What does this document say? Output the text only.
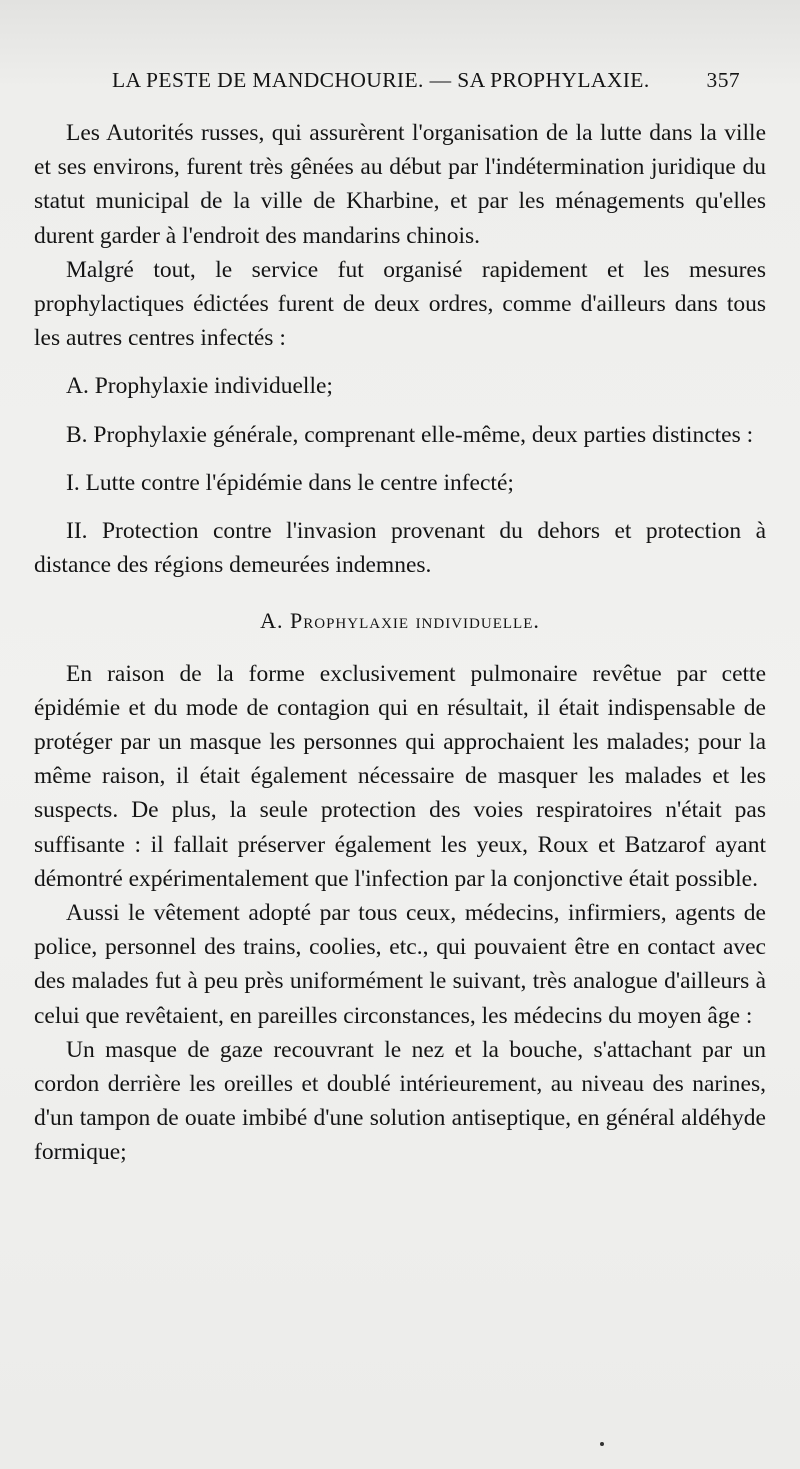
LA PESTE DE MANDCHOURIE. — SA PROPHYLAXIE.	357

Les Autorités russes, qui assurèrent l'organisation de la lutte dans la ville et ses environs, furent très gênées au début par l'indétermination juridique du statut municipal de la ville de Kharbine, et par les ménagements qu'elles durent garder à l'endroit des mandarins chinois.

Malgré tout, le service fut organisé rapidement et les mesures prophylactiques édictées furent de deux ordres, comme d'ailleurs dans tous les autres centres infectés :

A. Prophylaxie individuelle;

B. Prophylaxie générale, comprenant elle-même, deux parties distinctes :

I. Lutte contre l'épidémie dans le centre infecté;

II. Protection contre l'invasion provenant du dehors et protection à distance des régions demeurées indemnes.

A. Prophylaxie individuelle.

En raison de la forme exclusivement pulmonaire revêtue par cette épidémie et du mode de contagion qui en résultait, il était indispensable de protéger par un masque les personnes qui approchaient les malades; pour la même raison, il était également nécessaire de masquer les malades et les suspects. De plus, la seule protection des voies respiratoires n'était pas suffisante : il fallait préserver également les yeux, Roux et Batzarof ayant démontré expérimentalement que l'infection par la conjonctive était possible.

Aussi le vêtement adopté par tous ceux, médecins, infirmiers, agents de police, personnel des trains, coolies, etc., qui pouvaient être en contact avec des malades fut à peu près uniformément le suivant, très analogue d'ailleurs à celui que revêtaient, en pareilles circonstances, les médecins du moyen âge :

Un masque de gaze recouvrant le nez et la bouche, s'attachant par un cordon derrière les oreilles et doublé intérieurement, au niveau des narines, d'un tampon de ouate imbibé d'une solution antiseptique, en général aldéhyde formique;
